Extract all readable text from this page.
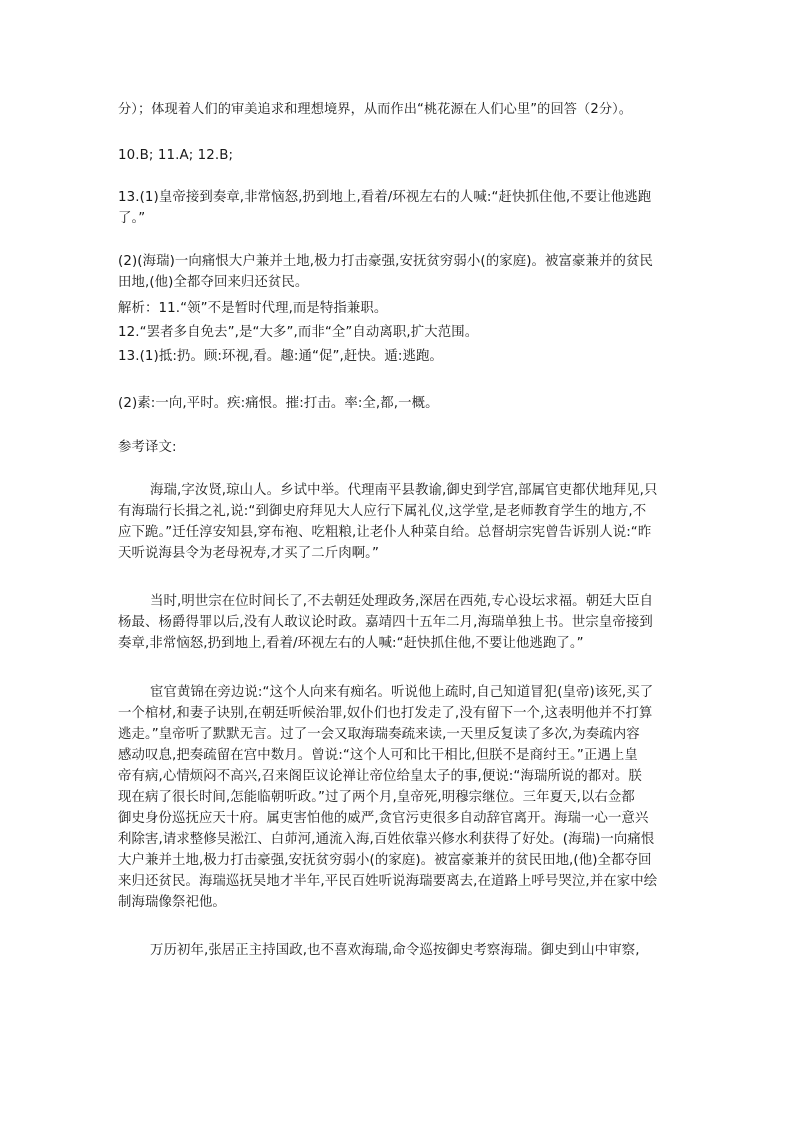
分）；体现着人们的审美追求和理想境界，从而作出“桃花源在人们心里”的回答（2分）。
10.B; 11.A; 12.B;
13.(1)皇帝接到奏章,非常恼怒,扔到地上,看着/环视左右的人喊:“赶快抓住他,不要让他逃跑
了。”
(2)(海瑞)一向痛恨大户兼并土地,极力打击豪强,安抚贫穷弱小(的家庭)。被富豪兼并的贫民
田地,(他)全都夺回来归还贫民。
解析：11.“领”不是暂时代理,而是特指兼职。
12.“罢者多自免去”,是“大多”,而非“全”自动离职,扩大范围。
13.(1)抵:扔。顾:环视,看。趣:通“促”,赶快。遁:逃跑。
(2)素:一向,平时。疾:痛恨。摧:打击。率:全,都,一概。
参考译文:
海瑞,字汝贤,琼山人。乡试中举。代理南平县教谕,御史到学宫,部属官吏都伏地拜见,只
有海瑞行长揖之礼,说:“到御史府拜见大人应行下属礼仪,这学堂,是老师教育学生的地方,不
应下跪。”迁任淳安知县,穿布袍、吃粗粮,让老仆人种菜自给。总督胡宗宪曾告诉别人说:“昨
天听说海县令为老母祝寿,才买了二斤肉啊。”
当时,明世宗在位时间长了,不去朝廷处理政务,深居在西苑,专心设坛求福。朝廷大臣自
杨最、杨爵得罪以后,没有人敢议论时政。嘉靖四十五年二月,海瑞单独上书。世宗皇帝接到
奏章,非常恼怒,扔到地上,看着/环视左右的人喊:“赶快抓住他,不要让他逃跑了。”
宦官黄锦在旁边说:“这个人向来有痴名。听说他上疏时,自己知道冒犯(皇帝)该死,买了
一个棺材,和妻子诀别,在朝廷听候治罪,奴仆们也打发走了,没有留下一个,这表明他并不打算
逃走。”皇帝听了默默无言。过了一会又取海瑞奏疏来读,一天里反复读了多次,为奏疏内容
感动叹息,把奏疏留在宫中数月。曾说:“这个人可和比干相比,但朕不是商纣王。”正遇上皇
帝有病,心情烦闷不高兴,召来阁臣议论禅让帝位给皇太子的事,便说:“海瑞所说的都对。朕
现在病了很长时间,怎能临朝听政。”过了两个月,皇帝死,明穆宗继位。三年夏天,以右佥都
御史身份巡抚应天十府。属吏害怕他的威严,贪官污吏很多自动辞官离开。海瑞一心一意兴
利除害,请求整修吴淞江、白茆河,通流入海,百姓依靠兴修水利获得了好处。(海瑞)一向痛恨
大户兼并土地,极力打击豪强,安抚贫穷弱小(的家庭)。被富豪兼并的贫民田地,(他)全都夺回
来归还贫民。海瑞巡抚吴地才半年,平民百姓听说海瑞要离去,在道路上呼号哭泣,并在家中绘
制海瑞像祭祀他。
万历初年,张居正主持国政,也不喜欢海瑞,命令巡按御史考察海瑞。御史到山中审察,
